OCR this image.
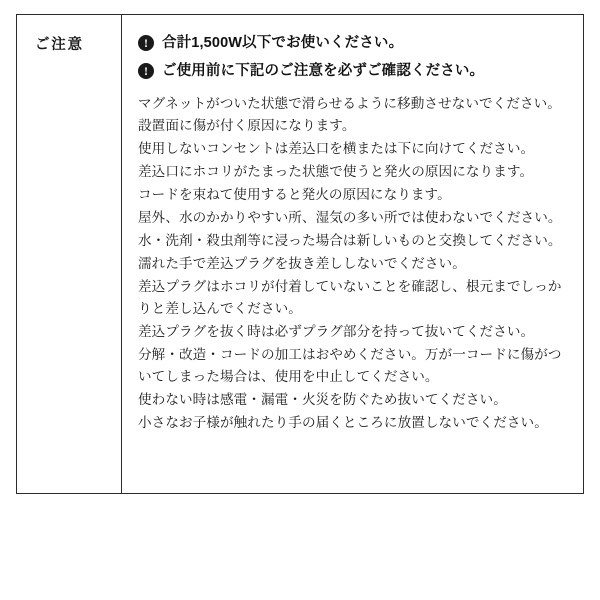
ご注意	! 合計1,500W以下でお使いください。
! ご使用前に下記のご注意を必ずご確認ください。
マグネットがついた状態で滑らせるように移動させないでください。設置面に傷が付く原因になります。
使用しないコンセントは差込口を横または下に向けてください。
差込口にホコリがたまった状態で使うと発火の原因になります。
コードを束ねて使用すると発火の原因になります。
屋外、水のかかりやすい所、湿気の多い所では使わないでください。
水・洗剤・殺虫剤等に浸った場合は新しいものと交換してください。
濡れた手で差込プラグを抜き差ししないでください。
差込プラグはホコリが付着していないことを確認し、根元までしっかりと差し込んでください。
差込プラグを抜く時は必ずプラグ部分を持って抜いてください。
分解・改造・コードの加工はおやめください。万が一コードに傷がついてしまった場合は、使用を中止してください。
使わない時は感電・漏電・火災を防ぐため抜いてください。
小さなお子様が触れたり手の届くところに放置しないでください。
